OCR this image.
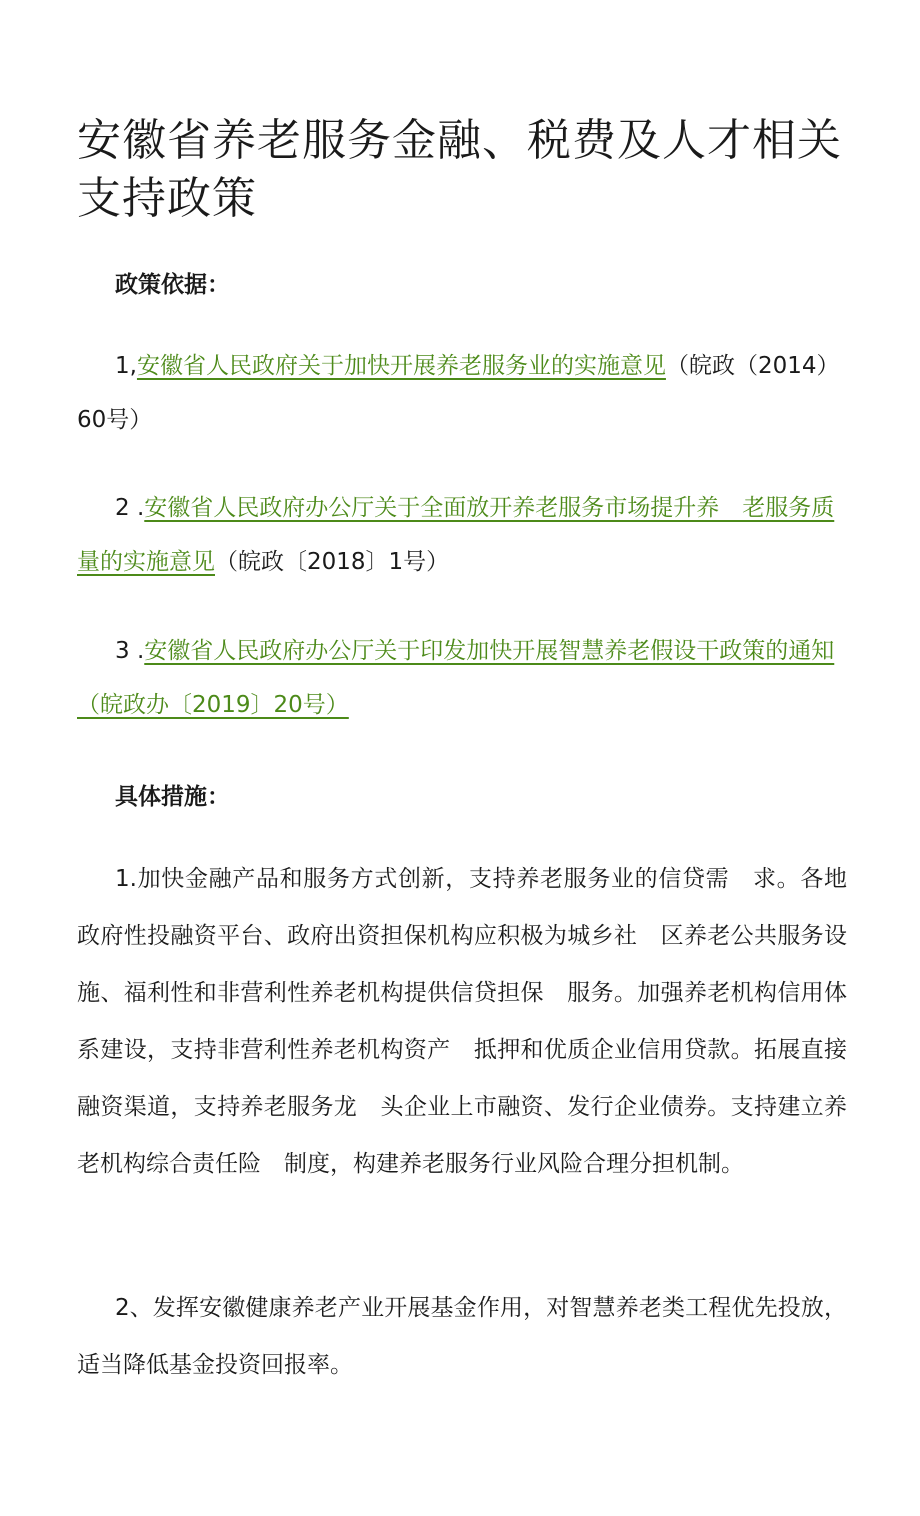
安徽省养老服务金融、税费及人才相关支持政策
政策依据：

1,安徽省人民政府关于加快开展养老服务业的实施意见（皖政（2014）60号）

2 .安徽省人民政府办公厅关于全面放开养老服务市场提升养　老服务质量的实施意见（皖政〔2018〕1号）

3 .安徽省人民政府办公厅关于印发加快开展智慧养老假设干政策的通知（皖政办〔2019〕20号）

具体措施：

1.加快金融产品和服务方式创新，支持养老服务业的信贷需　求。各地政府性投融资平台、政府出资担保机构应积极为城乡社　区养老公共服务设施、福利性和非营利性养老机构提供信贷担保　服务。加强养老机构信用体系建设，支持非营利性养老机构资产　抵押和优质企业信用贷款。拓展直接融资渠道，支持养老服务龙　头企业上市融资、发行企业债券。支持建立养老机构综合责任险　制度，构建养老服务行业风险合理分担机制。

2、发挥安徽健康养老产业开展基金作用，对智慧养老类工程优先投放，适当降低基金投资回报率。
